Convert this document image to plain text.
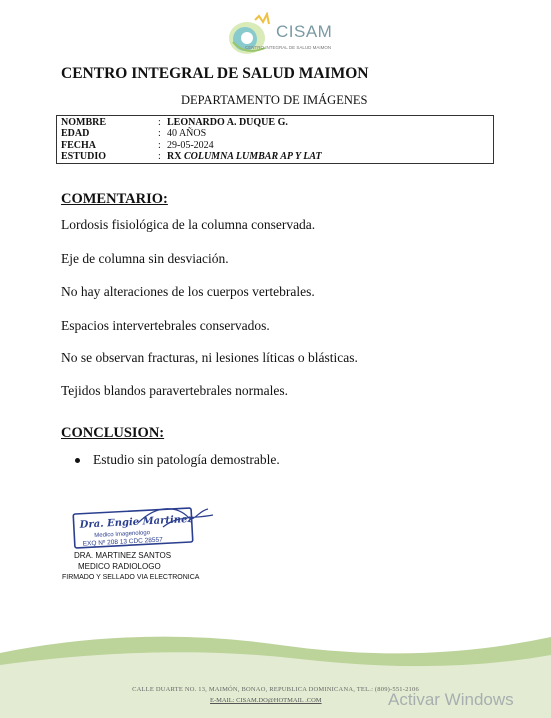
CISAM
CENTRO INTEGRAL DE SALUD MAIMON
CENTRO INTEGRAL DE SALUD MAIMON
DEPARTAMENTO DE IMÁGENES
NOMBRE	: LEONARDO A. DUQUE G.
EDAD	: 40 AÑOS
FECHA	: 29-05-2024
ESTUDIO	: RX COLUMNA LUMBAR AP Y LAT
COMENTARIO:
Lordosis fisiológica de la columna conservada.
Eje de columna sin desviación.
No hay alteraciones de los cuerpos vertebrales.
Espacios intervertebrales conservados.
No se observan fracturas, ni lesiones líticas o blásticas.
Tejidos blandos paravertebrales normales.
CONCLUSION:
Estudio sin patología demostrable.
Dra. Engie Martinez
Medico Imagenologo
EXQ Nº 208 13 CDC 28557
DRA. MARTINEZ SANTOS
MEDICO RADIOLOGO
FIRMADO Y SELLADO VIA ELECTRONICA
CALLE DUARTE NO. 13, MAIMÓN, BONAO, REPUBLICA DOMINICANA, TEL.: (809)-551-2106
E-MAIL: CISAM.DO@HOTMAIL .COM	Activar Windows
